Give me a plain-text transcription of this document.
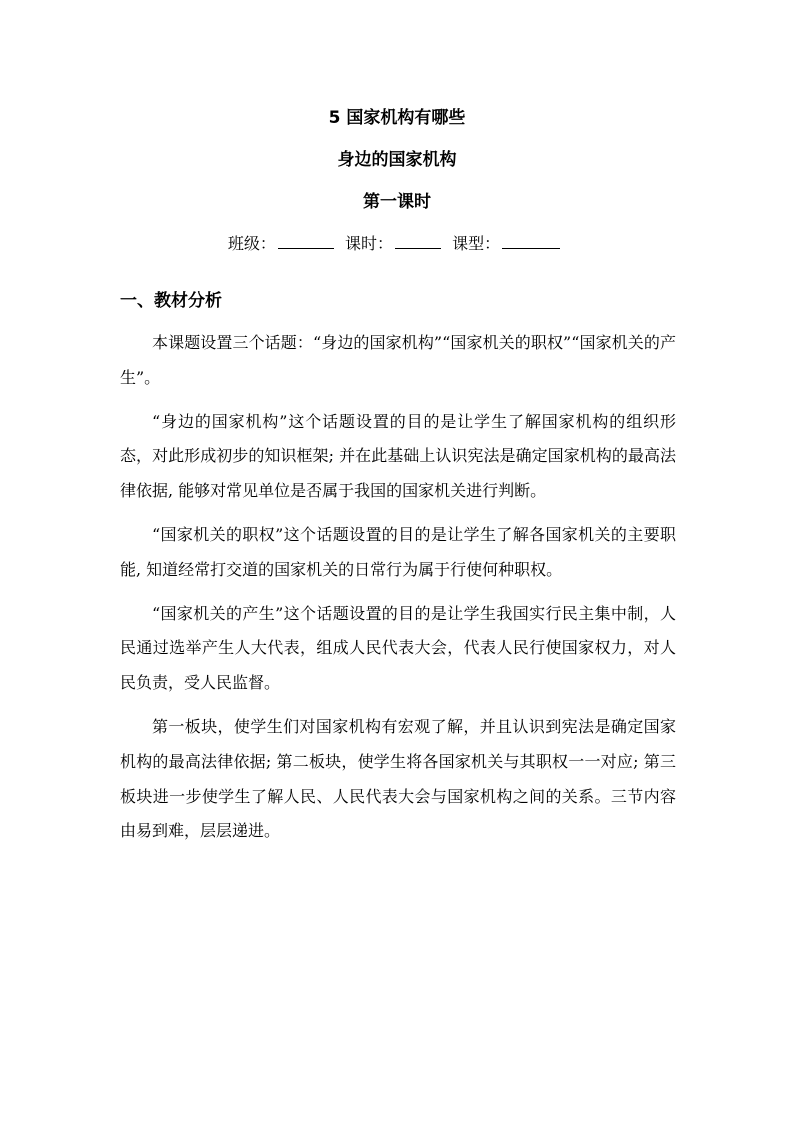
5 国家机构有哪些
身边的国家机构
第一课时
班级：	课时：	课型：
一、教材分析

本课题设置三个话题：“身边的国家机构”“国家机关的职权”“国家机关的产生”。

“身边的国家机构”这个话题设置的目的是让学生了解国家机构的组织形态，对此形成初步的知识框架; 并在此基础上认识宪法是确定国家机构的最高法律依据, 能够对常见单位是否属于我国的国家机关进行判断。

“国家机关的职权”这个话题设置的目的是让学生了解各国家机关的主要职能, 知道经常打交道的国家机关的日常行为属于行使何种职权。

“国家机关的产生”这个话题设置的目的是让学生我国实行民主集中制，人民通过选举产生人大代表，组成人民代表大会，代表人民行使国家权力，对人民负责，受人民监督。

第一板块，使学生们对国家机构有宏观了解，并且认识到宪法是确定国家机构的最高法律依据; 第二板块，使学生将各国家机关与其职权一一对应; 第三板块进一步使学生了解人民、人民代表大会与国家机构之间的关系。三节内容由易到难，层层递进。
